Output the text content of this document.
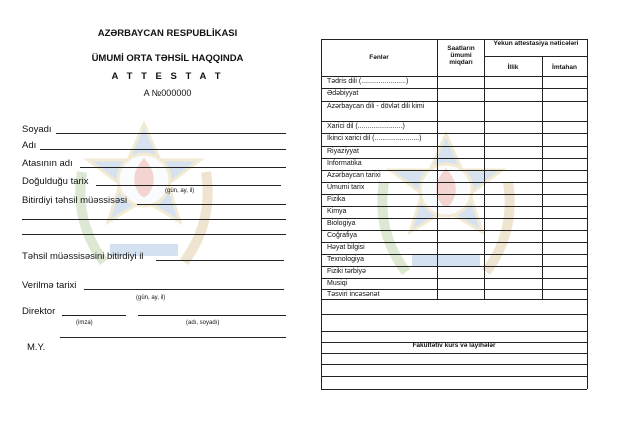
AZƏRBAYCAN RESPUBLİKASI
ÜMUMİ ORTA TƏHSİL HAQQINDA
A T T E S T A T
A №000000
Soyadı
Adı
Atasının adı
Doğulduğu tarix
(gün, ay, il)
Bitirdiyi təhsil müəssisəsi
Təhsil müəssisəsini bitirdiyi il
Verilmə tarixi
(gün, ay, il)
Direktor
(imza)	(adı, soyadı)
M.Y.
Fənlər
Saatların ümumi miqdarı
Yekun attestasiya nəticələri
İllik	İmtahan
Tədris dili (.......................)
Ədəbiyyat
Azərbaycan dili - dövlət dili kimi
Xarici dil (.......................)
İkinci xarici dil (.......................)
Riyaziyyat
İnformatika
Azərbaycan tarixi
Ümumi tarix
Fizika
Kimya
Biologiya
Coğrafiya
Həyat bilgisi
Texnologiya
Fiziki tərbiyə
Musiqi
Təsviri incəsənət
Fakültətiv kurs və layihələr
